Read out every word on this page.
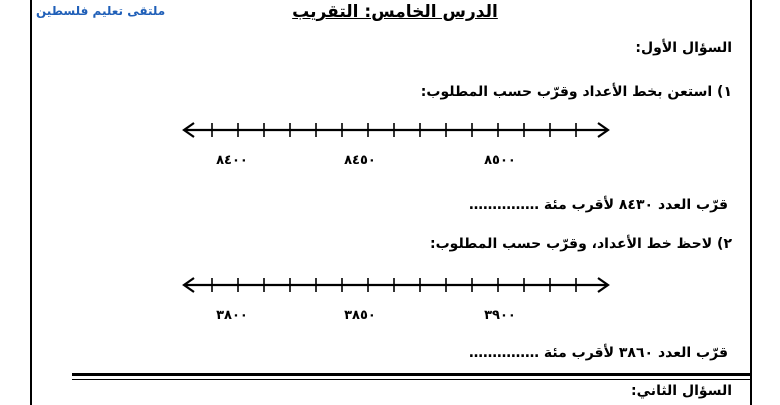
ملتقى تعليم فلسطين	الدرس الخامس: التقريب
السؤال الأول:
١) استعن بخط الأعداد وقرّب حسب المطلوب:
٨٤٠٠	٨٤٥٠	٨٥٠٠
قرّب العدد ٨٤٣٠ لأقرب مئة ……………
٢) لاحظ خط الأعداد، وقرّب حسب المطلوب:
٣٨٠٠	٣٨٥٠	٣٩٠٠
قرّب العدد ٣٨٦٠ لأقرب مئة ……………
السؤال الثاني:
